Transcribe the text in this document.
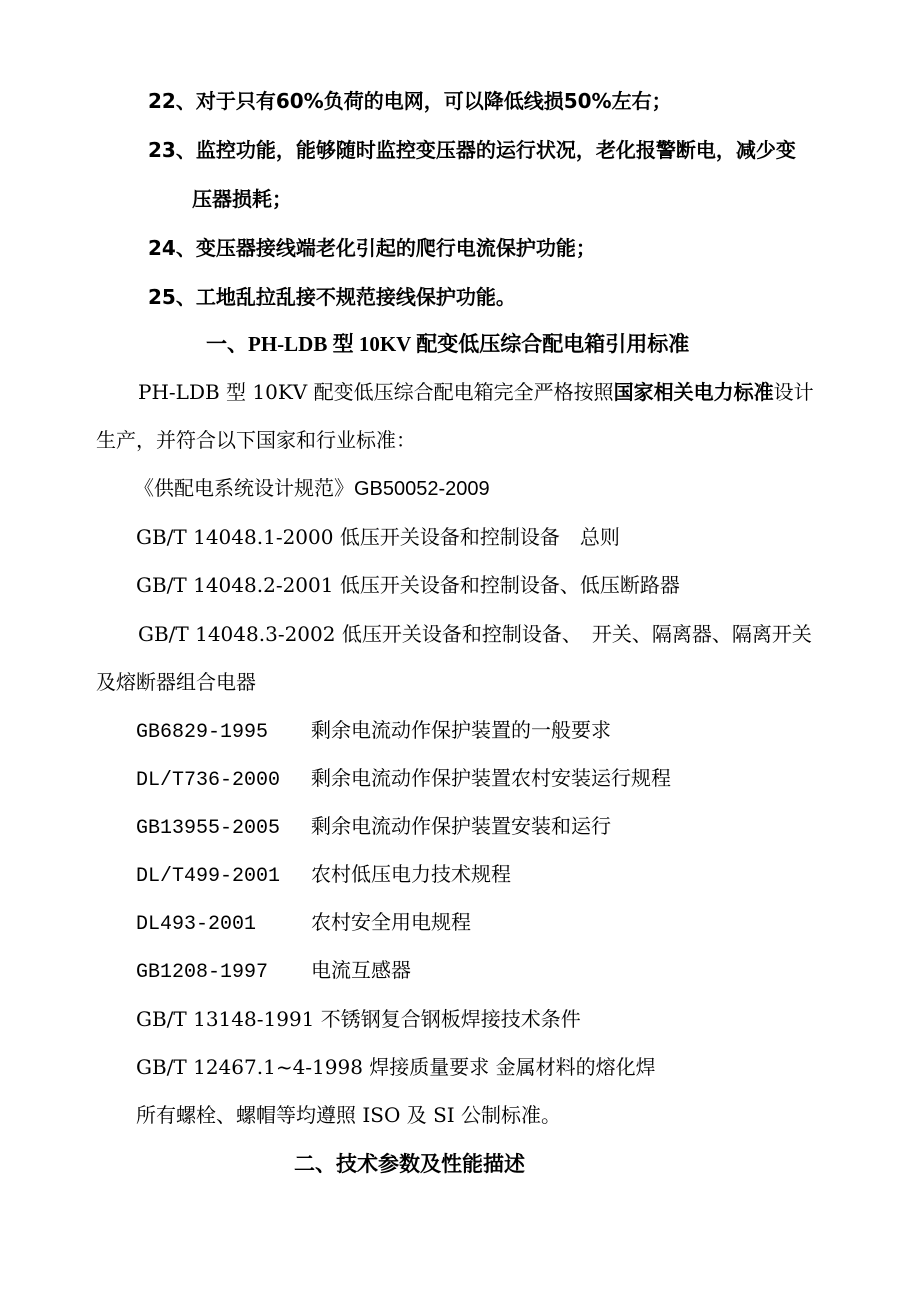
22、对于只有60%负荷的电网，可以降低线损50%左右；
23、监控功能，能够随时监控变压器的运行状况，老化报警断电，减少变
压器损耗；
24、变压器接线端老化引起的爬行电流保护功能；
25、工地乱拉乱接不规范接线保护功能。
一、PH-LDB 型 10KV 配变低压综合配电箱引用标准
PH-LDB 型 10KV 配变低压综合配电箱完全严格按照国家相关电力标准设计
生产，并符合以下国家和行业标准：
《供配电系统设计规范》GB50052-2009
GB/T 14048.1-2000 低压开关设备和控制设备　总则
GB/T 14048.2-2001 低压开关设备和控制设备、低压断路器
GB/T 14048.3-2002 低压开关设备和控制设备、　开关、隔离器、隔离开关
及熔断器组合电器
GB6829-1995 剩余电流动作保护装置的一般要求
DL/T736-2000 剩余电流动作保护装置农村安装运行规程
GB13955-2005 剩余电流动作保护装置安装和运行
DL/T499-2001 农村低压电力技术规程
DL493-2001	农村安全用电规程
GB1208-1997 电流互感器
GB/T 13148-1991 不锈钢复合钢板焊接技术条件
GB/T 12467.1~4-1998 焊接质量要求 金属材料的熔化焊
所有螺栓、螺帽等均遵照 ISO 及 SI 公制标准。
二、技术参数及性能描述
